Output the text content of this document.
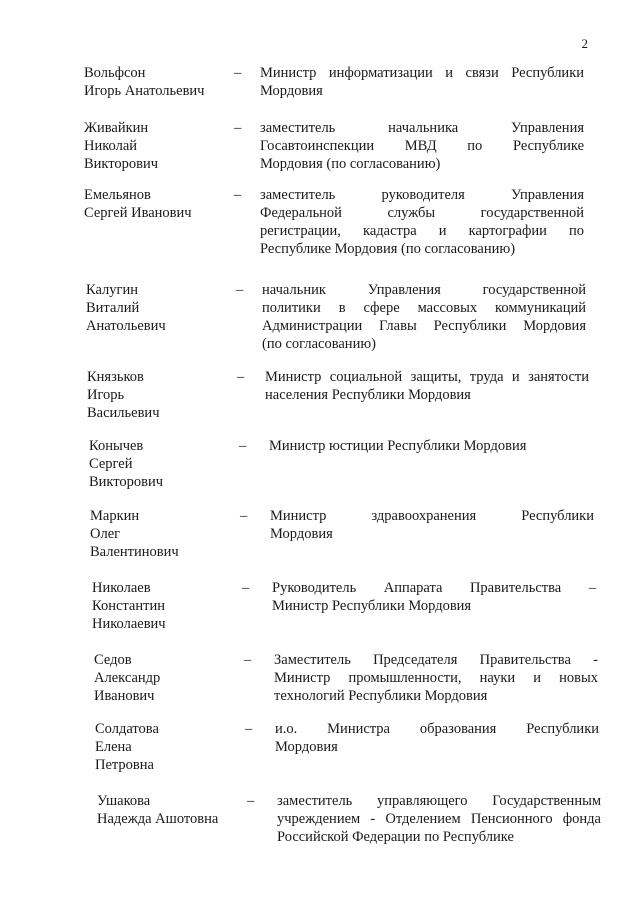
2
Вольфсон
Игорь Анатольевич
– Министр информатизации и связи Республики
Мордовия
Живайкин
Николай
Викторович
– заместитель начальника Управления
Госавтоинспекции МВД по Республике
Мордовия (по согласованию)
Емельянов
Сергей Иванович
– заместитель руководителя Управления
Федеральной службы государственной
регистрации, кадастра и картографии по
Республике Мордовия (по согласованию)
Калугин
Виталий
Анатольевич
– начальник Управления государственной
политики в сфере массовых коммуникаций
Администрации Главы Республики Мордовия
(по согласованию)
Князьков
Игорь
Васильевич
– Министр социальной защиты, труда и занятости
населения Республики Мордовия
Конычев
Сергей
Викторович
– Министр юстиции Республики Мордовия
Маркин
Олег
Валентинович
– Министр здравоохранения Республики
Мордовия
Николаев
Константин
Николаевич
– Руководитель Аппарата Правительства –
Министр Республики Мордовия
Седов
Александр
Иванович
– Заместитель Председателя Правительства -
Министр промышленности, науки и новых
технологий Республики Мордовия
Солдатова
Елена
Петровна
– и.о. Министра образования Республики
Мордовия
Ушакова
Надежда Ашотовна
– заместитель управляющего Государственным
учреждением - Отделением Пенсионного фонда
Российской Федерации по Республике
